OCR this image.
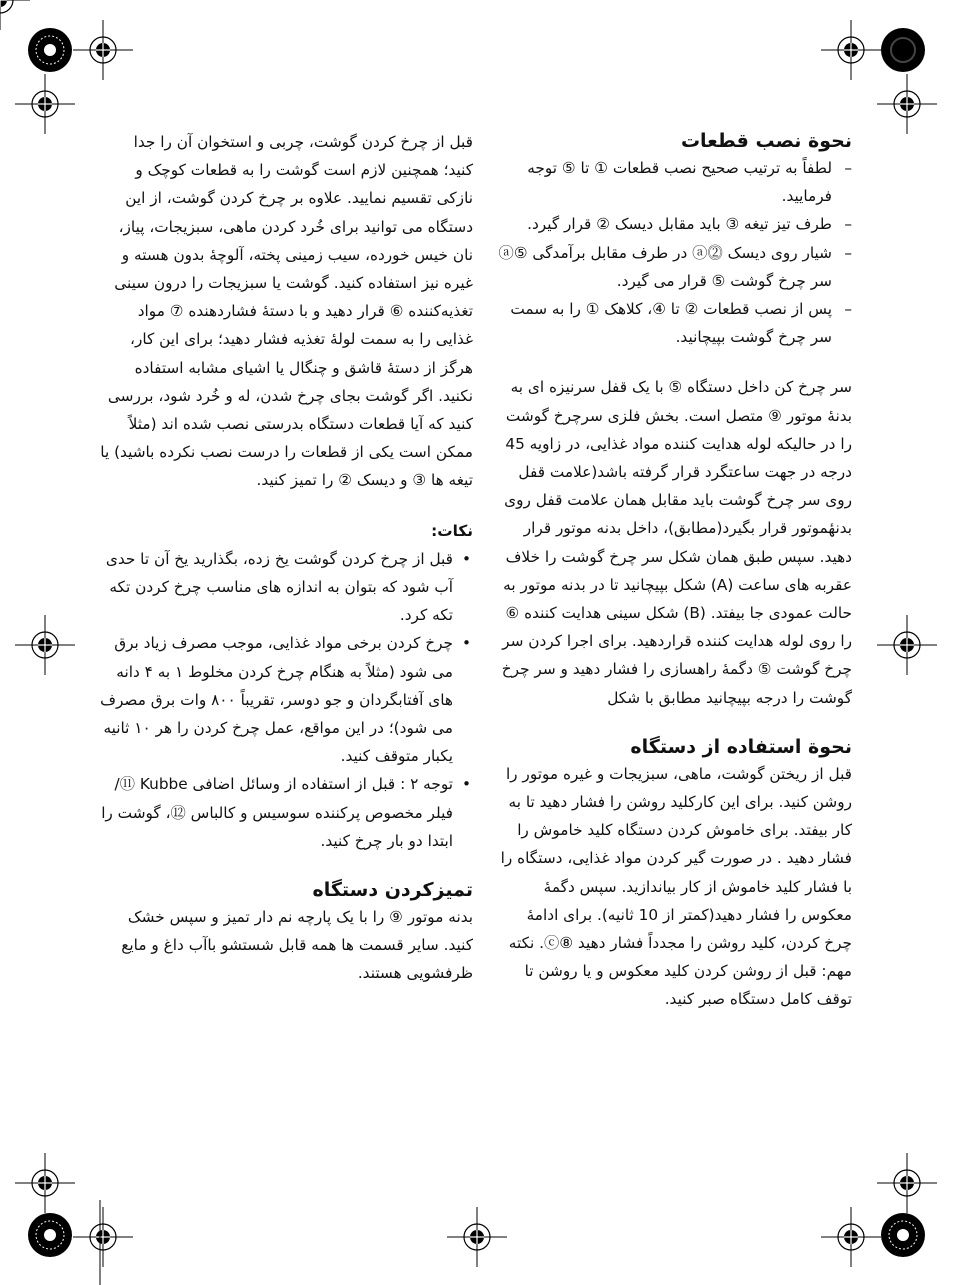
نحوة نصب قطعات

– لطفاً به ترتیب صحیح نصب قطعات ① تا ⑤ توجه فرمایید.
– طرف تیز تیغه ③ باید مقابل دیسک ② قرار گیرد.
– شیار روی دیسک ⓶ⓐ در طرف مقابل برآمدگی ⑤ⓐ سر چرخ گوشت ⑤ قرار می گیرد.
– پس از نصب قطعات ② تا ④، کلاهک ① را به سمت سر چرخ گوشت بپیچانید.

سر چرخ کن داخل دستگاه ⑤ با یک قفل سرنیزه ای به بدنهٔ موتور ⑨ متصل است. بخش فلزی سرچرخ گوشت را در حالیکه لوله هدایت کننده مواد غذایی، در زاویه 45 درجه در جهت ساعتگرد قرار گرفته باشد(علامت قفل روی سر چرخ گوشت باید مقابل همان علامت قفل روی بدنهٔموتور قرار بگیرد(مطابق)، داخل بدنه موتور قرار دهید. سپس طبق همان شکل سر چرخ گوشت را خلاف عقربه های ساعت (A) شکل بپیچانید تا در بدنه موتور به حالت عمودی جا بیفتد. (B) شکل سینی هدایت کننده ⑥ را روی لوله هدایت کننده قراردهید. برای اجرا کردن سر چرخ گوشت ⑤ دگمهٔ راهسازی را فشار دهید و سر چرخ گوشت را درجه بپیچانید مطابق با شکل

نحوة استفاده از دستگاه

قبل از ریختن گوشت، ماهی، سبزیجات و غیره موتور را روشن کنید. برای این کارکلید روشن را فشار دهید تا به کار بیفتد. برای خاموش کردن دستگاه کلید خاموش را فشار دهید . در صورت گیر کردن مواد غذایی، دستگاه را با فشار کلید خاموش از کار بیاندازید. سپس دگمهٔ معکوس را فشار دهید(کمتر از 10 ثانیه). برای ادامهٔ چرخ کردن، کلید روشن را مجدداً فشار دهید ⑧ⓒ. نکته مهم: قبل از روشن کردن کلید معکوس و یا روشن تا توقف کامل دستگاه صبر کنید.

قبل از چرخ کردن گوشت، چربی و استخوان آن را جدا کنید؛ همچنین لازم است گوشت را به قطعات کوچک و نازکی تقسیم نمایید. علاوه بر چرخ کردن گوشت، از این دستگاه می توانید برای خُرد کردن ماهی، سبزیجات، پیاز، نان خیس خورده، سیب زمینی پخته، آلوچهٔ بدون هسته و غیره نیز استفاده کنید. گوشت یا سبزیجات را درون سینی تغذیه‌کننده ⑥ قرار دهید و با دستهٔ فشاردهنده ⑦ مواد غذایی را به سمت لولهٔ تغذیه فشار دهید؛ برای این کار، هرگز از دستهٔ قاشق و چنگال یا اشیای مشابه استفاده نکنید. اگر گوشت بجای چرخ شدن، له و خُرد شود، بررسی کنید که آیا قطعات دستگاه بدرستی نصب شده اند (مثلاً ممکن است یکی از قطعات را درست نصب نکرده باشید) یا تیغه ها ③ و دیسک ② را تمیز کنید.

نکات:

• قبل از چرخ کردن گوشت یخ زده، بگذارید یخ آن تا حدی آب شود که بتوان به اندازه های مناسب چرخ کردن تکه تکه کرد.
• چرخ کردن برخی مواد غذایی، موجب مصرف زیاد برق می شود (مثلاً به هنگام چرخ کردن مخلوط ۱ به ۴ دانه های آفتابگردان و جو دوسر، تقریباً ۸۰۰ وات برق مصرف می شود)؛ در این مواقع، عمل چرخ کردن را هر ۱۰ ثانیه یکبار متوقف کنید.
• توجه ۲ : قبل از استفاده از وسائل اضافی Kubbe ⑪/ فیلر مخصوص پرکننده سوسیس و کالباس ⑫، گوشت را ابتدا دو بار چرخ کنید.

تمیزکردن دستگاه

بدنه موتور ⑨ را با یک پارچه نم دار تمیز و سپس خشک کنید. سایر قسمت ها همه قابل شستشو باآب داغ و مایع ظرفشویی هستند.
